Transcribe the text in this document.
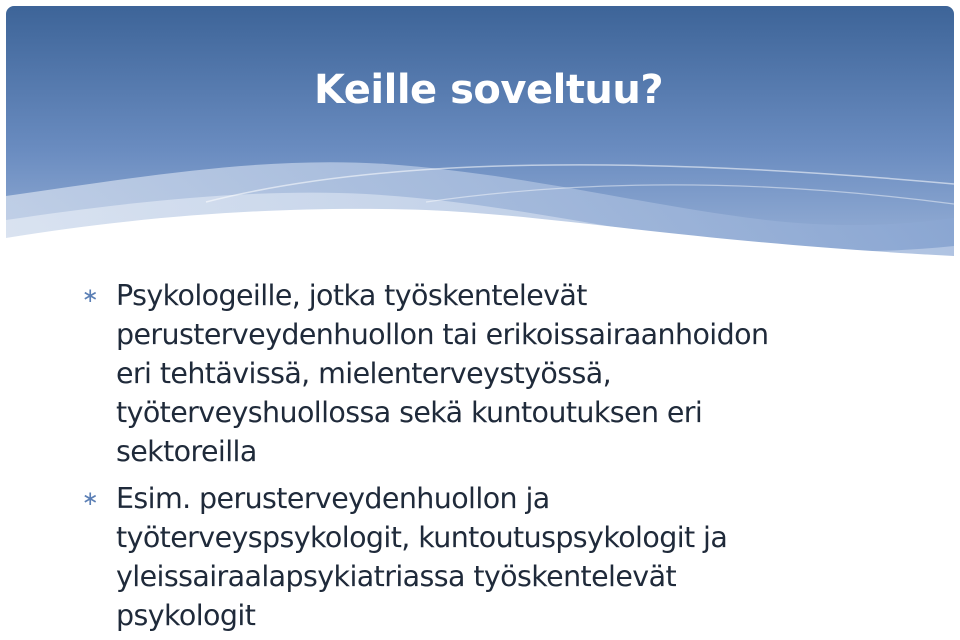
Keille soveltuu?
∗ Psykologeille, jotka työskentelevät
perusterveydenhuollon tai erikoissairaanhoidon
eri tehtävissä, mielenterveystyössä,
työterveyshuollossa sekä kuntoutuksen eri
sektoreilla
∗ Esim. perusterveydenhuollon ja
työterveyspsykologit, kuntoutuspsykologit ja
yleissairaalapsykiatriassa työskentelevät
psykologit
